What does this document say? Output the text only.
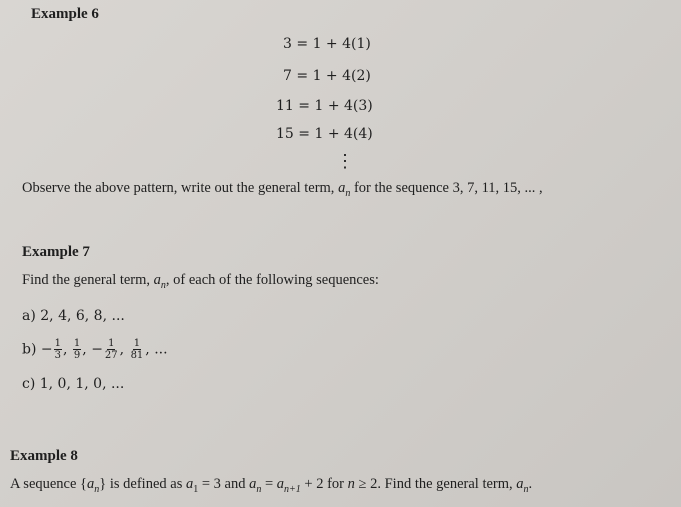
Example 6
3 = 1 + 4(1)
7 = 1 + 4(2)
11 = 1 + 4(3)
15 = 1 + 4(4)
⋮
Observe the above pattern, write out the general term, $a_n$ for the sequence 3, 7, 11, 15, ... ,
Example 7
Find the general term, $a_n$, of each of the following sequences:
a) 2, 4, 6, 8, ...
$b) - \frac{1}{3}$ , $\frac{1}{9}$ , − $\frac{1}{27}$ , $\frac{1}{81}$ , ...
c) 1, 0, 1, 0, ...
Example 8
A sequence $\{a_n\}$ is defined as $a_1 = 3$ and $a_n = a_{n+1} + 2$ for n ≥ 2. Find the general term, $a_n$.
